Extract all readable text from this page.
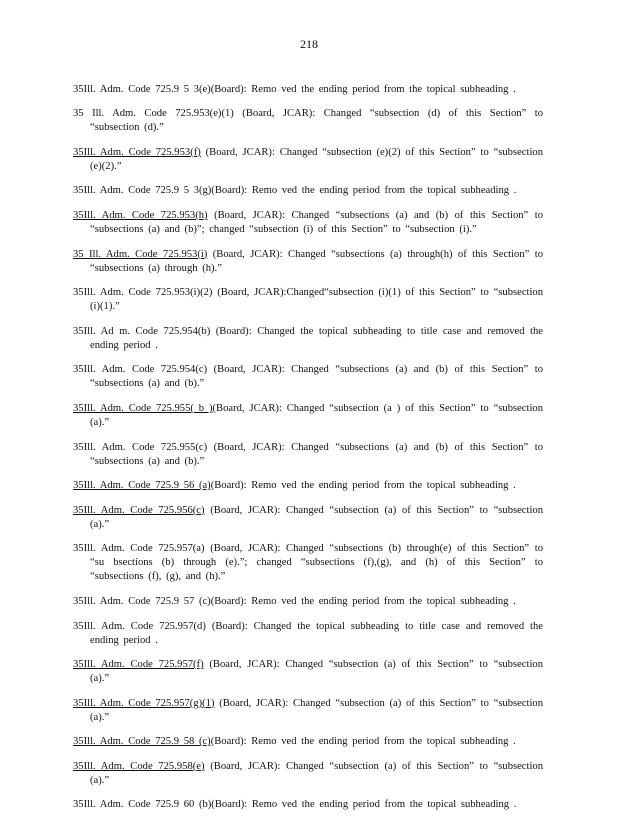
218

35Ill. Adm. Code 725.9 5 3(e)(Board): Remo ved the ending period from the topical subheading .

35 Ill. Adm. Code 725.953(e)(1) (Board, JCAR): Changed “subsection (d) of this Section” to “subsection (d).”

35Ill. Adm. Code 725.953(f) (Board, JCAR): Changed “subsection (e)(2) of this Section” to “subsection (e)(2).”

35Ill. Adm. Code 725.9 5 3(g)(Board): Remo ved the ending period from the topical subheading .

35Ill. Adm. Code 725.953(h) (Board, JCAR): Changed “subsections (a) and (b) of this Section” to “subsections (a) and (b)”; changed “subsection (i) of this Section” to “subsection (i).”

35 Ill. Adm. Code 725.953(i) (Board, JCAR): Changed “subsections (a) through(h) of this Section” to “subsections (a) through (h).”

35Ill. Adm. Code 725.953(i)(2) (Board, JCAR):Changed“subsection (i)(1) of this Section” to “subsection (i)(1).”

35Ill. Ad m. Code 725.954(b) (Board): Changed the topical subheading to title case and removed the ending period .

35Ill. Adm. Code 725.954(c) (Board, JCAR): Changed “subsections (a) and (b) of this Section” to “subsections (a) and (b).”

35Ill. Adm. Code 725.955( b )(Board, JCAR): Changed “subsection (a ) of this Section” to “subsection (a).”

35Ill. Adm. Code 725.955(c) (Board, JCAR): Changed “subsections (a) and (b) of this Section” to “subsections (a) and (b).”

35Ill. Adm. Code 725.9 56 (a)(Board): Remo ved the ending period from the topical subheading .

35Ill. Adm. Code 725.956(c) (Board, JCAR): Changed “subsection (a) of this Section” to “subsection (a).”

35Ill. Adm. Code 725.957(a) (Board, JCAR): Changed “subsections (b) through(e) of this Section” to “su bsections (b) through (e).”; changed “subsections (f),(g), and (h) of this Section” to “subsections (f), (g), and (h).”

35Ill. Adm. Code 725.9 57 (c)(Board): Remo ved the ending period from the topical subheading .

35Ill. Adm. Code 725.957(d) (Board): Changed the topical subheading to title case and removed the ending period .

35Ill. Adm. Code 725.957(f) (Board, JCAR): Changed “subsection (a) of this Section” to “subsection (a).”

35Ill. Adm. Code 725.957(g)(1) (Board, JCAR): Changed “subsection (a) of this Section” to “subsection (a).”

35Ill. Adm. Code 725.9 58 (c)(Board): Remo ved the ending period from the topical subheading .

35Ill. Adm. Code 725.958(e) (Board, JCAR): Changed “subsection (a) of this Section” to “subsection (a).”

35Ill. Adm. Code 725.9 60 (b)(Board): Remo ved the ending period from the topical subheading .
